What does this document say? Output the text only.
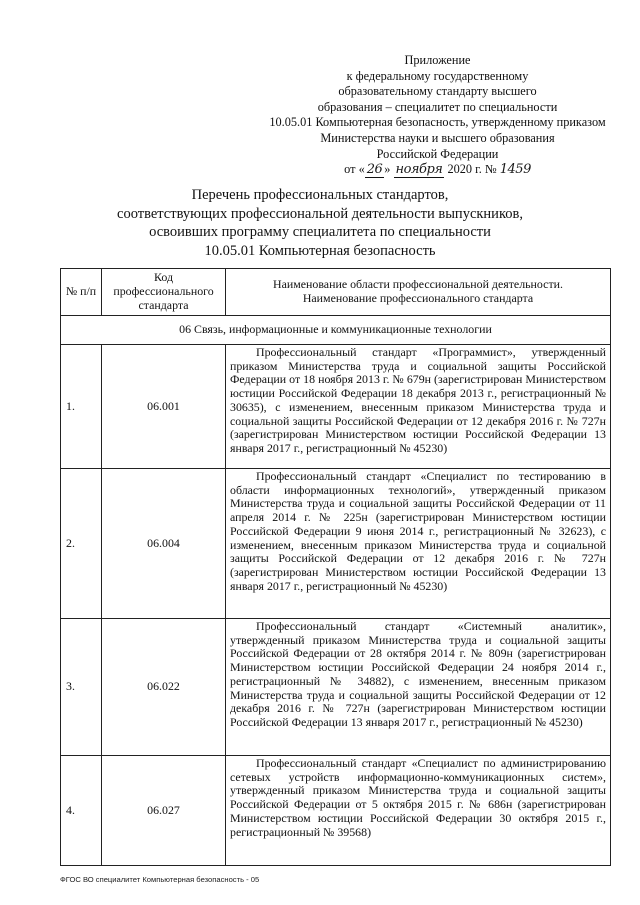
Приложение
к федеральному государственному
образовательному стандарту высшего
образования – специалитет по специальности
10.05.01 Компьютерная безопасность, утвержденному приказом
Министерства науки и высшего образования
Российской Федерации
от « 26 » ноября 2020 г. № 1459
Перечень профессиональных стандартов,
соответствующих профессиональной деятельности выпускников,
освоивших программу специалитета по специальности
10.05.01 Компьютерная безопасность
№ п/п	Код профессионального стандарта	Наименование области профессиональной деятельности. Наименование профессионального стандарта
06 Связь, информационные и коммуникационные технологии		
1.	06.001	Профессиональный стандарт «Программист», утвержденный приказом Министерства труда и социальной защиты Российской Федерации от 18 ноября 2013 г. № 679н (зарегистрирован Министерством юстиции Российской Федерации 18 декабря 2013 г., регистрационный № 30635), с изменением, внесенным приказом Министерства труда и социальной защиты Российской Федерации от 12 декабря 2016 г. № 727н (зарегистрирован Министерством юстиции Российской Федерации 13 января 2017 г., регистрационный № 45230)

2.	06.004	Профессиональный стандарт «Специалист по тестированию в области информационных технологий», утвержденный приказом Министерства труда и социальной защиты Российской Федерации от 11 апреля 2014 г. № 225н (зарегистрирован Министерством юстиции Российской Федерации 9 июня 2014 г., регистрационный № 32623), с изменением, внесенным приказом Министерства труда и социальной защиты Российской Федерации от 12 декабря 2016 г. № 727н (зарегистрирован Министерством юстиции Российской Федерации 13 января 2017 г., регистрационный № 45230)

3.	06.022	Профессиональный стандарт «Системный аналитик», утвержденный приказом Министерства труда и социальной защиты Российской Федерации от 28 октября 2014 г. № 809н (зарегистрирован Министерством юстиции Российской Федерации 24 ноября 2014 г., регистрационный № 34882), с изменением, внесенным приказом Министерства труда и социальной защиты Российской Федерации от 12 декабря 2016 г. № 727н (зарегистрирован Министерством юстиции Российской Федерации 13 января 2017 г., регистрационный № 45230)

4.	06.027	Профессиональный стандарт «Специалист по администрированию сетевых устройств информационно-коммуникационных систем», утвержденный приказом Министерства труда и социальной защиты Российской Федерации от 5 октября 2015 г. № 686н (зарегистрирован Министерством юстиции Российской Федерации 30 октября 2015 г., регистрационный № 39568)

ФГОС ВО специалитет Компьютерная безопасность - 05
